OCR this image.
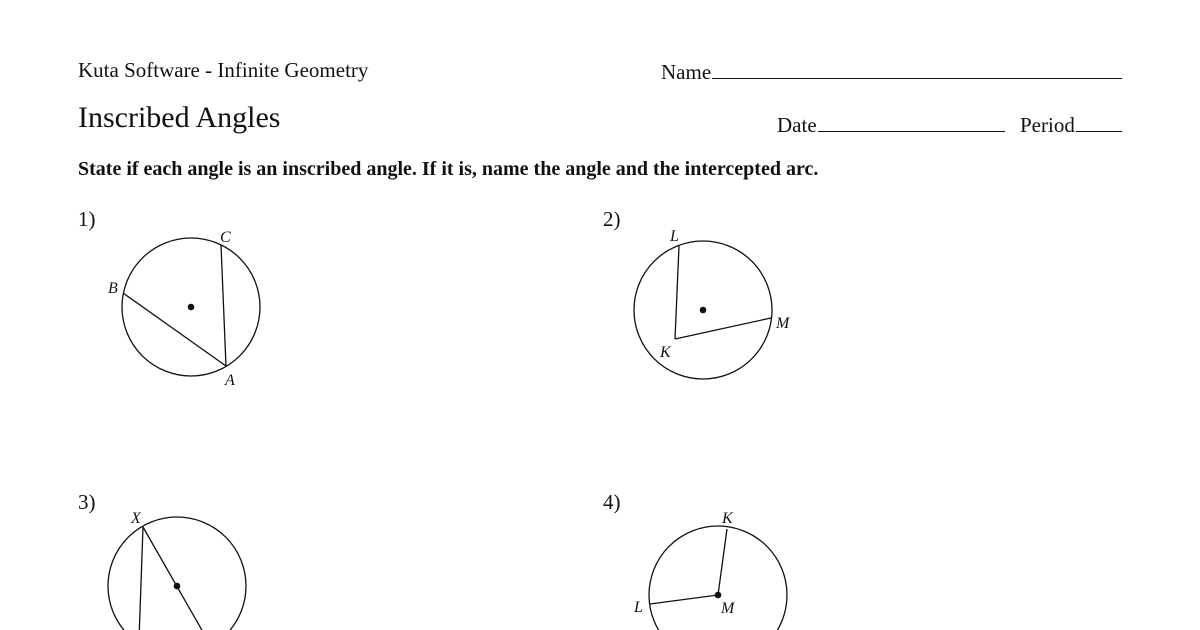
Kuta Software - Infinite Geometry	Name
Inscribed Angles	Date	Period
State if each angle is an inscribed angle. If it is, name the angle and the intercepted arc.
1)	2)
3)	4)
C
B
A
L
M
K
X	K
L	M
